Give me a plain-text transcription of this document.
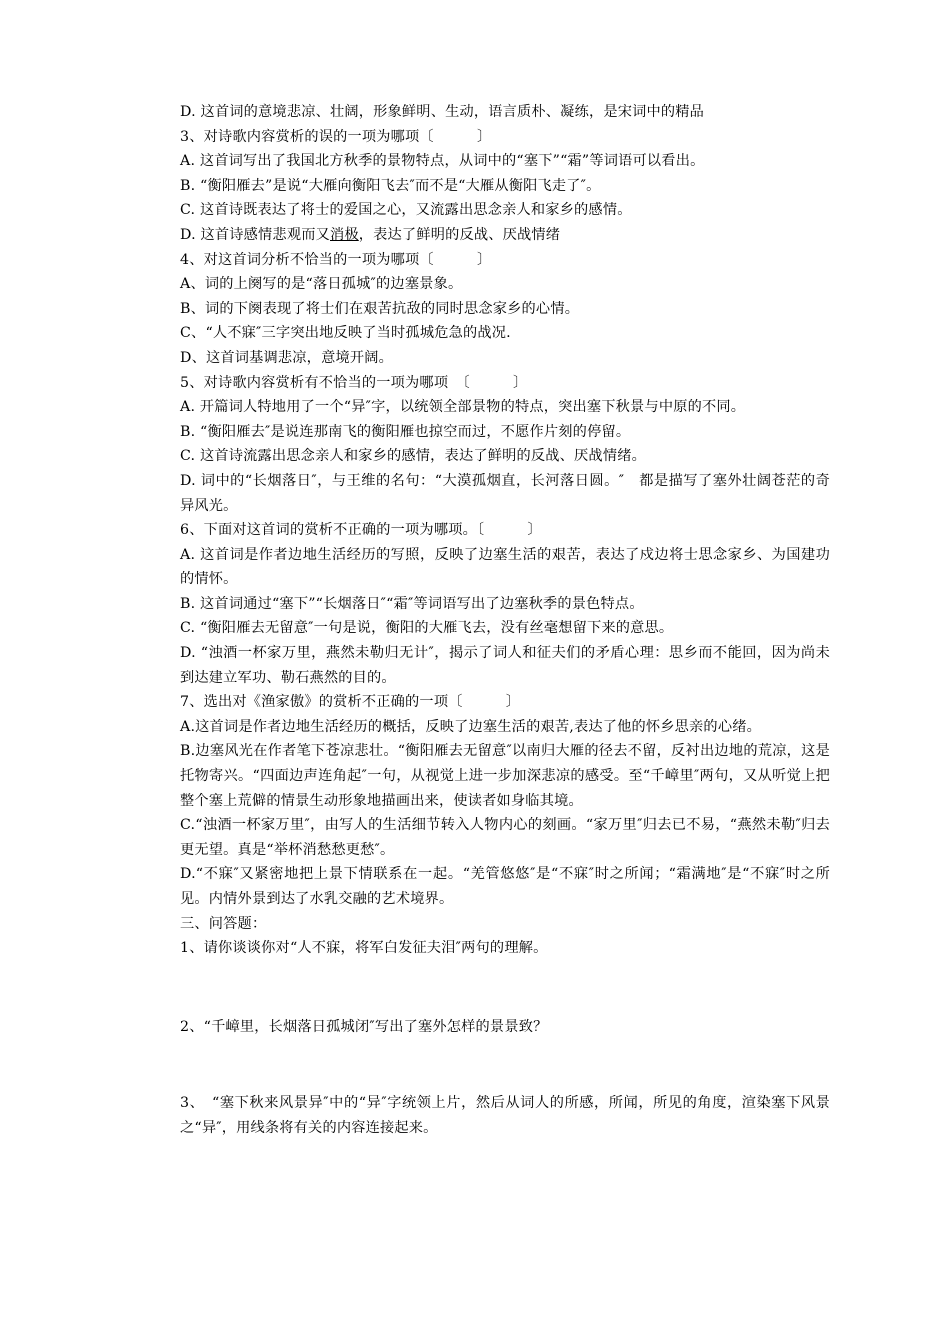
D. 这首词的意境悲凉、壮阔，形象鲜明、生动，语言质朴、凝练，是宋词中的精品
3、对诗歌内容赏析的误的一项为哪项〔　　　〕
A. 这首词写出了我国北方秋季的景物特点，从词中的“塞下”“霜”等词语可以看出。
B. “衡阳雁去”是说“大雁向衡阳飞去″而不是“大雁从衡阳飞走了″。
C. 这首诗既表达了将士的爱国之心，又流露出思念亲人和家乡的感情。
D. 这首诗感情悲观而又消极，表达了鲜明的反战、厌战情绪
4、对这首词分析不恰当的一项为哪项〔　　　〕
A、词的上阕写的是“落日孤城″的边塞景象。
B、词的下阕表现了将士们在艰苦抗敌的同时思念家乡的心情。
C、“人不寐″三字突出地反映了当时孤城危急的战况.
D、这首词基调悲凉，意境开阔。
5、对诗歌内容赏析有不恰当的一项为哪项　〔　　　〕
A. 开篇词人特地用了一个“异″字，以统领全部景物的特点，突出塞下秋景与中原的不同。
B. “衡阳雁去″是说连那南飞的衡阳雁也掠空而过，不愿作片刻的停留。
C. 这首诗流露出思念亲人和家乡的感情，表达了鲜明的反战、厌战情绪。
D. 词中的“长烟落日″，与王维的名句：“大漠孤烟直，长河落日圆。″　都是描写了塞外壮阔苍茫的奇异风光。
6、下面对这首词的赏析不正确的一项为哪项。〔　　　〕
A. 这首词是作者边地生活经历的写照，反映了边塞生活的艰苦，表达了戍边将士思念家乡、为国建功的情怀。
B. 这首词通过“塞下”“长烟落日″“霜″等词语写出了边塞秋季的景色特点。
C. “衡阳雁去无留意″一句是说，衡阳的大雁飞去，没有丝毫想留下来的意思。
D. “浊酒一杯家万里，燕然未勒归无计″，揭示了词人和征夫们的矛盾心理：思乡而不能回，因为尚未到达建立军功、勒石燕然的目的。
7、选出对《渔家傲》的赏析不正确的一项〔　　　〕
A.这首词是作者边地生活经历的概括，反映了边塞生活的艰苦,表达了他的怀乡思亲的心绪。
B.边塞风光在作者笔下苍凉悲壮。“衡阳雁去无留意″以南归大雁的径去不留，反衬出边地的荒凉，这是托物寄兴。“四面边声连角起″一句，从视觉上进一步加深悲凉的感受。至“千嶂里″两句，又从听觉上把整个塞上荒僻的情景生动形象地描画出来，使读者如身临其境。
C.“浊酒一杯家万里″，由写人的生活细节转入人物内心的刻画。“家万里″归去已不易，“燕然未勒″归去更无望。真是“举杯消愁愁更愁″。
D.“不寐″又紧密地把上景下情联系在一起。“羌管悠悠″是“不寐″时之所闻；“霜满地″是“不寐″时之所见。内情外景到达了水乳交融的艺术境界。
三、问答题：
1、请你谈谈你对“人不寐，将军白发征夫泪″两句的理解。
2、“千嶂里，长烟落日孤城闭″写出了塞外怎样的景景致？
3、　“塞下秋来风景异″中的“异″字统领上片，然后从词人的所感，所闻，所见的角度，渲染塞下风景之“异″，用线条将有关的内容连接起来。
